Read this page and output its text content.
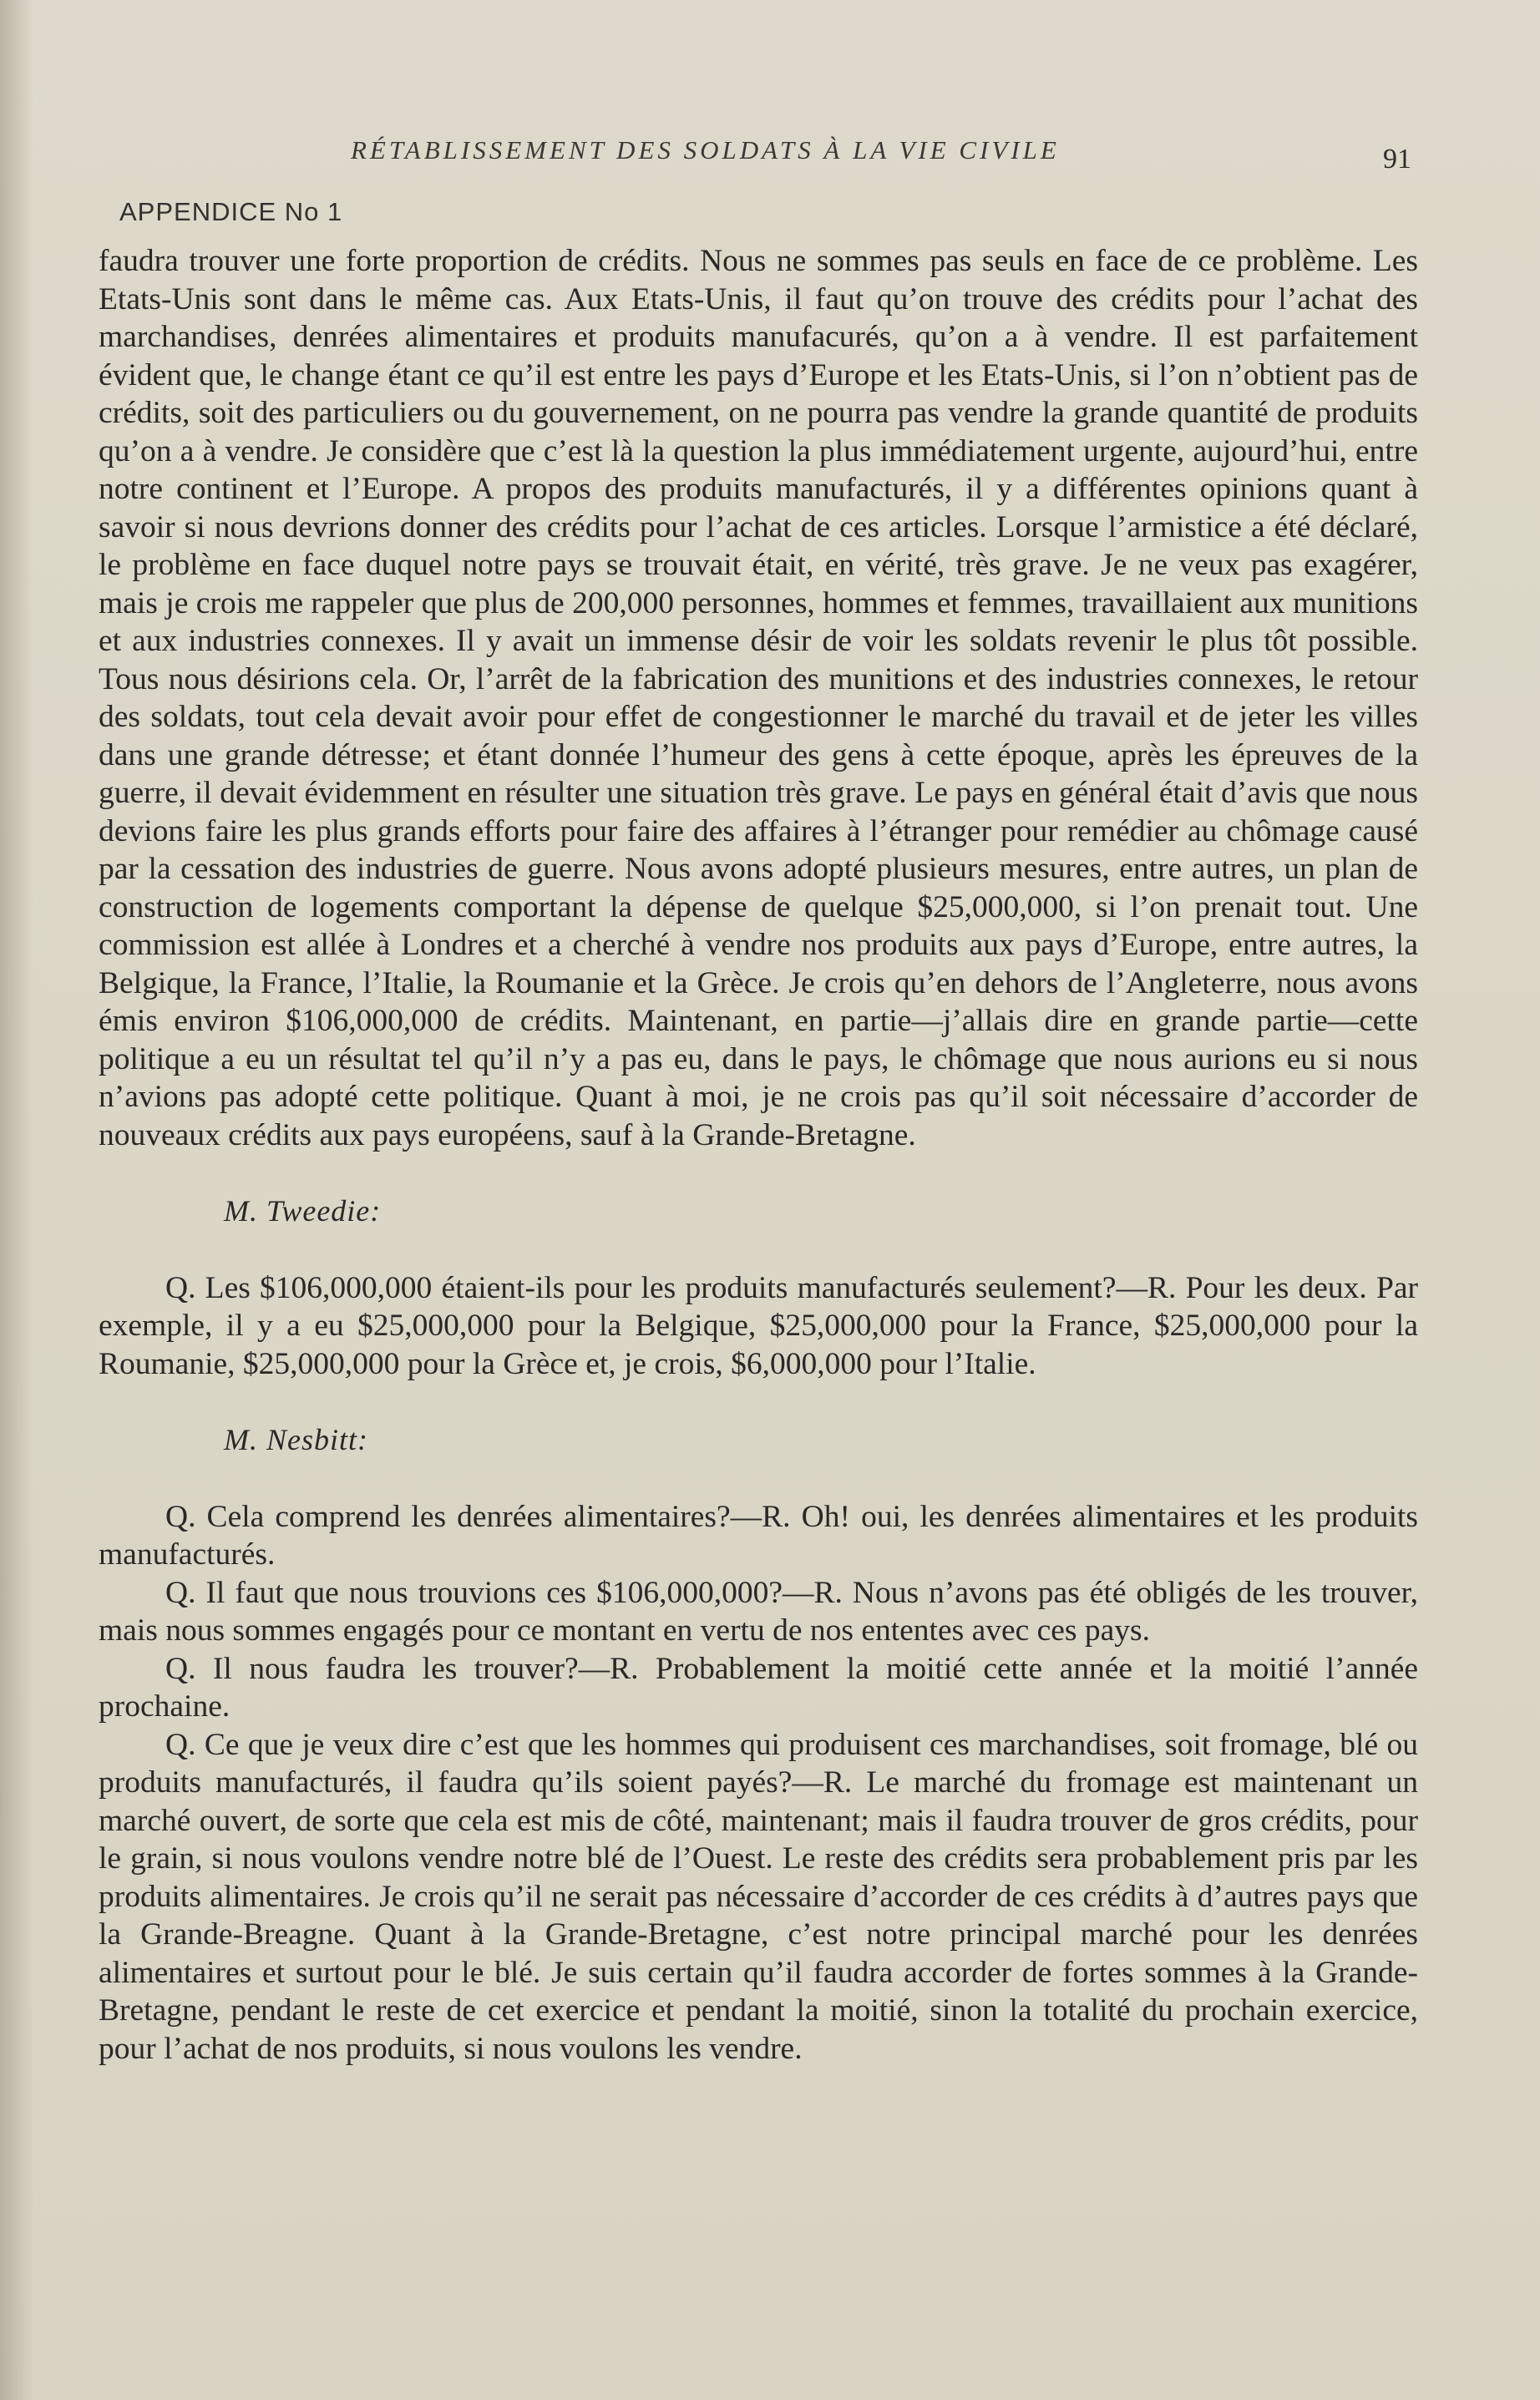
RÉTABLISSEMENT DES SOLDATS À LA VIE CIVILE	91
APPENDICE No 1

faudra trouver une forte proportion de crédits. Nous ne sommes pas seuls en face de ce problème. Les Etats-Unis sont dans le même cas. Aux Etats-Unis, il faut qu’on trouve des crédits pour l’achat des marchandises, denrées alimentaires et produits manufacurés, qu’on a à vendre. Il est parfaitement évident que, le change étant ce qu’il est entre les pays d’Europe et les Etats-Unis, si l’on n’obtient pas de crédits, soit des particuliers ou du gouvernement, on ne pourra pas vendre la grande quantité de produits qu’on a à vendre. Je considère que c’est là la question la plus immédiatement urgente, aujourd’hui, entre notre continent et l’Europe. A propos des produits manufacturés, il y a différentes opinions quant à savoir si nous devrions donner des crédits pour l’achat de ces articles. Lorsque l’armistice a été déclaré, le problème en face duquel notre pays se trouvait était, en vérité, très grave. Je ne veux pas exagérer, mais je crois me rappeler que plus de 200,000 personnes, hommes et femmes, travaillaient aux munitions et aux industries connexes. Il y avait un immense désir de voir les soldats revenir le plus tôt possible. Tous nous désirions cela. Or, l’arrêt de la fabrication des munitions et des industries connexes, le retour des soldats, tout cela devait avoir pour effet de congestionner le marché du travail et de jeter les villes dans une grande détresse; et étant donnée l’humeur des gens à cette époque, après les épreuves de la guerre, il devait évidemment en résulter une situation très grave. Le pays en général était d’avis que nous devions faire les plus grands efforts pour faire des affaires à l’étranger pour remédier au chômage causé par la cessation des industries de guerre. Nous avons adopté plusieurs mesures, entre autres, un plan de construction de logements comportant la dépense de quelque $25,000,000, si l’on prenait tout. Une commission est allée à Londres et a cherché à vendre nos produits aux pays d’Europe, entre autres, la Belgique, la France, l’Italie, la Roumanie et la Grèce. Je crois qu’en dehors de l’Angleterre, nous avons émis environ $106,000,000 de crédits. Maintenant, en partie—j’allais dire en grande partie—cette politique a eu un résultat tel qu’il n’y a pas eu, dans le pays, le chômage que nous aurions eu si nous n’avions pas adopté cette politique. Quant à moi, je ne crois pas qu’il soit nécessaire d’accorder de nouveaux crédits aux pays européens, sauf à la Grande-Bretagne.

M. Tweedie:

Q. Les $106,000,000 étaient-ils pour les produits manufacturés seulement?—R. Pour les deux. Par exemple, il y a eu $25,000,000 pour la Belgique, $25,000,000 pour la France, $25,000,000 pour la Roumanie, $25,000,000 pour la Grèce et, je crois, $6,000,000 pour l’Italie.

M. Nesbitt:

Q. Cela comprend les denrées alimentaires?—R. Oh! oui, les denrées alimentaires et les produits manufacturés.

Q. Il faut que nous trouvions ces $106,000,000?—R. Nous n’avons pas été obligés de les trouver, mais nous sommes engagés pour ce montant en vertu de nos ententes avec ces pays.

Q. Il nous faudra les trouver?—R. Probablement la moitié cette année et la moitié l’année prochaine.

Q. Ce que je veux dire c’est que les hommes qui produisent ces marchandises, soit fromage, blé ou produits manufacturés, il faudra qu’ils soient payés?—R. Le marché du fromage est maintenant un marché ouvert, de sorte que cela est mis de côté, maintenant; mais il faudra trouver de gros crédits, pour le grain, si nous voulons vendre notre blé de l’Ouest. Le reste des crédits sera probablement pris par les produits alimentaires. Je crois qu’il ne serait pas nécessaire d’accorder de ces crédits à d’autres pays que la Grande-Breagne. Quant à la Grande-Bretagne, c’est notre principal marché pour les denrées alimentaires et surtout pour le blé. Je suis certain qu’il faudra accorder de fortes sommes à la Grande-Bretagne, pendant le reste de cet exercice et pendant la moitié, sinon la totalité du prochain exercice, pour l’achat de nos produits, si nous voulons les vendre.
